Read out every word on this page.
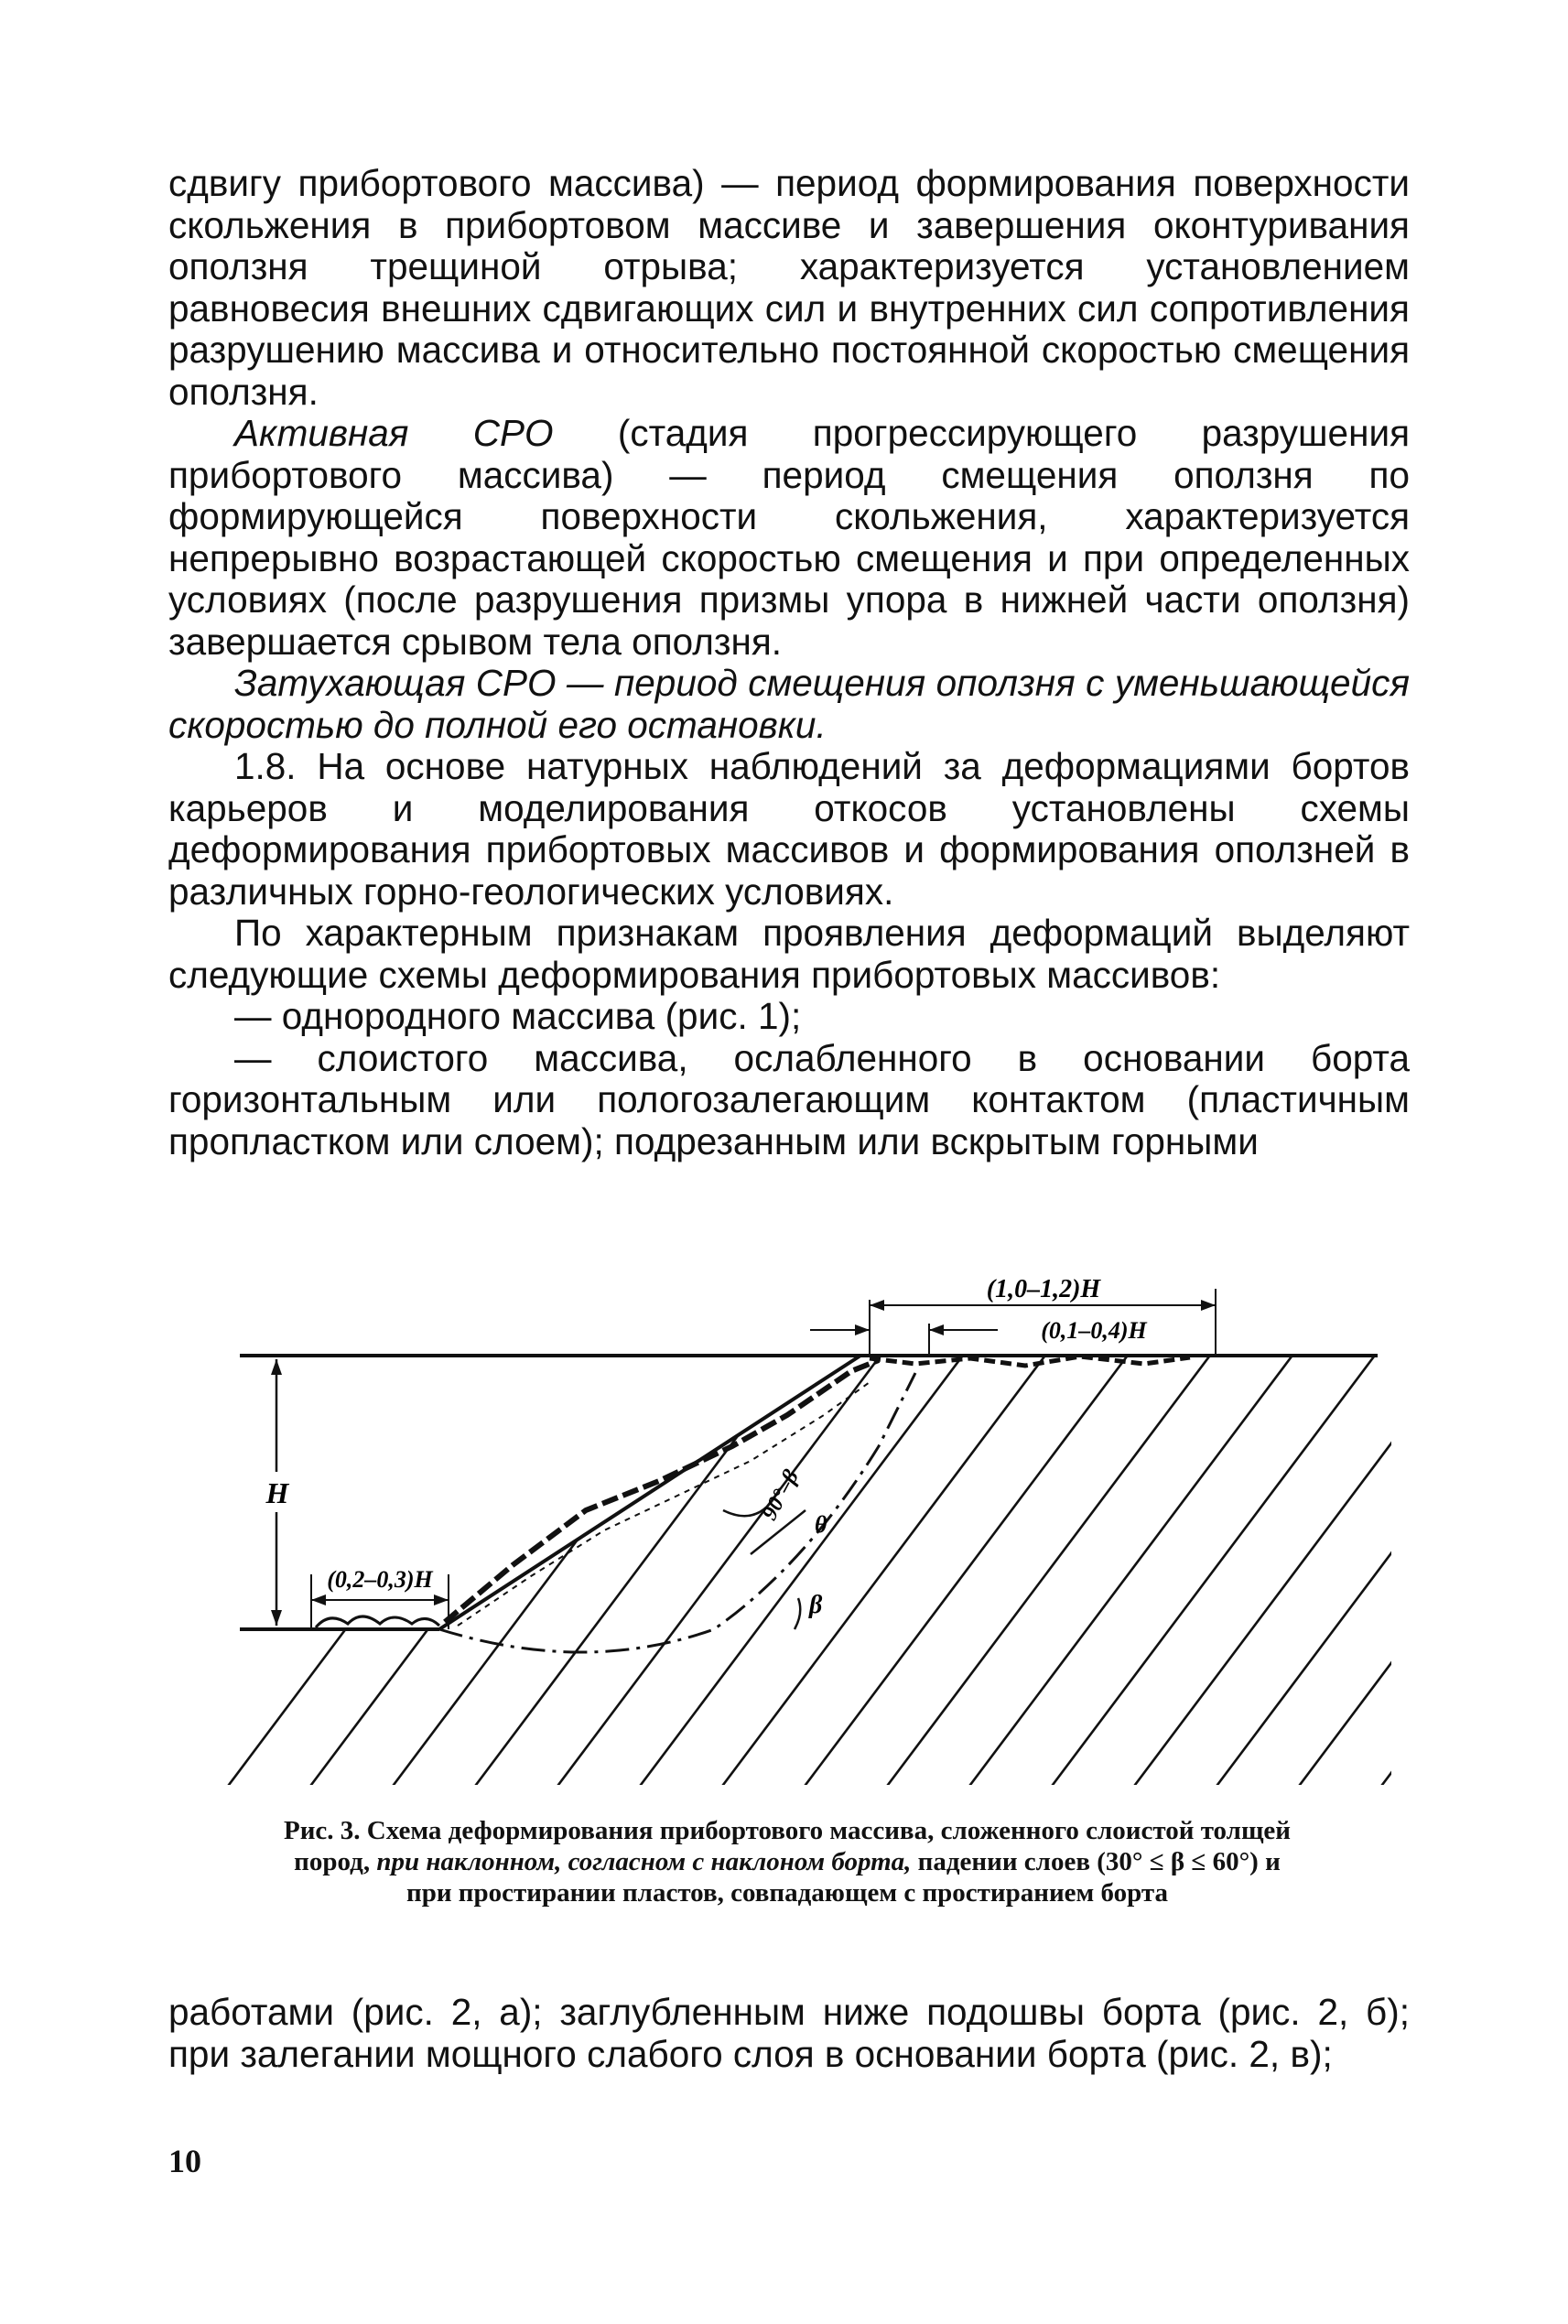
сдвигу прибортового массива) — период формирования поверхности скольжения в прибортовом массиве и завершения оконтуривания оползня трещиной отрыва; характеризуется установлением равновесия внешних сдвигающих сил и внутренних сил сопротивления разрушению массива и относительно постоянной скоростью смещения оползня.

Активная СРО (стадия прогрессирующего разрушения прибортового массива) — период смещения оползня по формирующейся поверхности скольжения, характеризуется непрерывно возрастающей скоростью смещения и при определенных условиях (после разрушения призмы упора в нижней части оползня) завершается срывом тела оползня.

Затухающая СРО — период смещения оползня с уменьшающейся скоростью до полной его остановки.

1.8. На основе натурных наблюдений за деформациями бортов карьеров и моделирования откосов установлены схемы деформирования прибортовых массивов и формирования оползней в различных горно-геологических условиях.

По характерным признакам проявления деформаций выделяют следующие схемы деформирования прибортовых массивов:

— однородного массива (рис. 1);

— слоистого массива, ослабленного в основании борта горизонтальным или пологозалегающим контактом (пластичным пропластком или слоем); подрезанным или вскрытым горными

H
(0,2–0,3)H
(1,0–1,2)H
(0,1–0,4)H
90°–β
θ
β
Рис. 3. Схема деформирования прибортового массива, сложенного слоистой толщей пород, при наклонном, согласном с наклоном борта, падении слоев (30° ≤ β ≤ 60°) и при простирании пластов, совпадающем с простиранием борта

работами (рис. 2, а); заглубленным ниже подошвы борта (рис. 2, б); при залегании мощного слабого слоя в основании борта (рис. 2, в);

10
